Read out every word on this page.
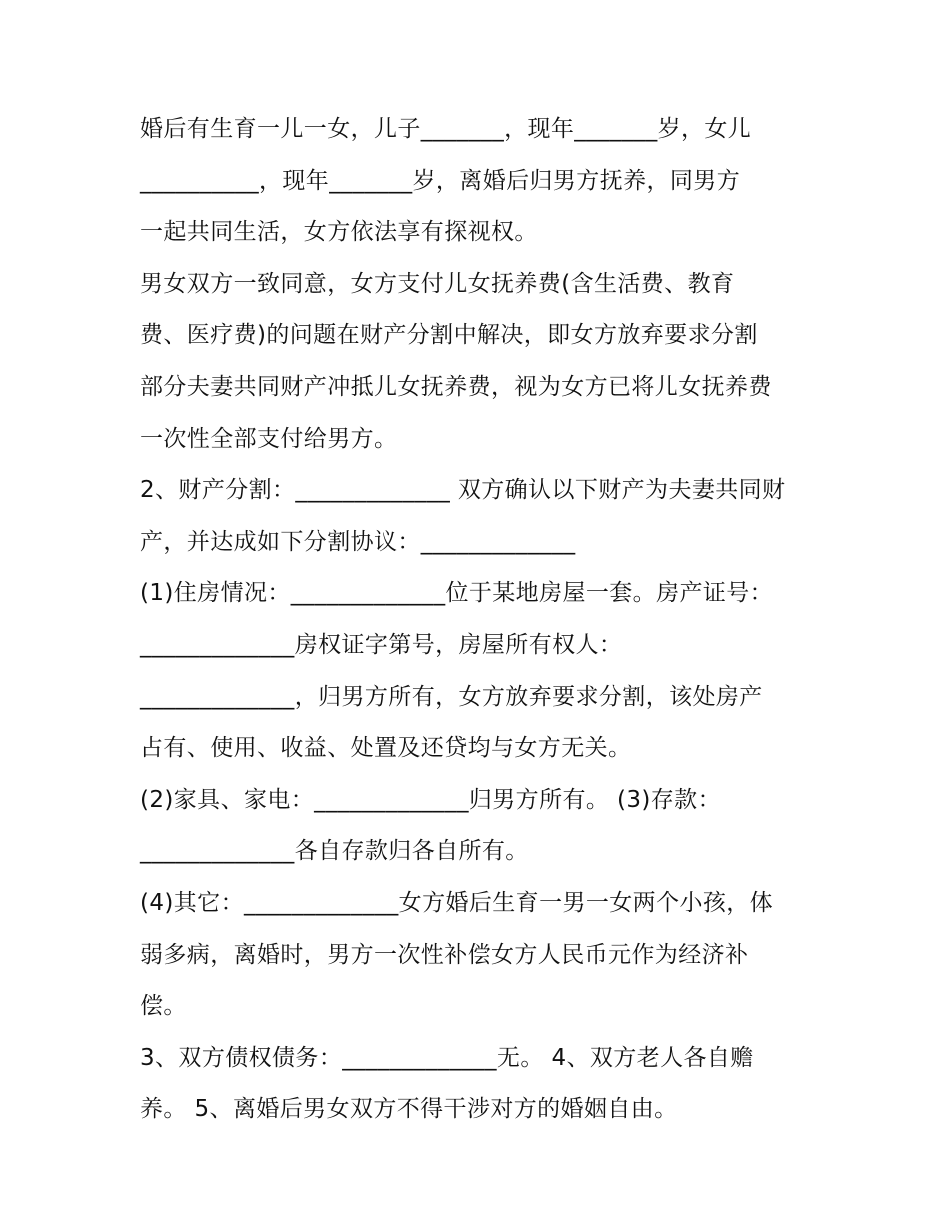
婚后有生育一儿一女，儿子_______，现年_______岁，女儿
__________，现年_______岁，离婚后归男方抚养，同男方
一起共同生活，女方依法享有探视权。
男女双方一致同意，女方支付儿女抚养费(含生活费、教育
费、医疗费)的问题在财产分割中解决，即女方放弃要求分割
部分夫妻共同财产冲抵儿女抚养费，视为女方已将儿女抚养费
一次性全部支付给男方。
2、财产分割：_____________ 双方确认以下财产为夫妻共同财
产，并达成如下分割协议：_____________
(1)住房情况：_____________位于某地房屋一套。房产证号：
_____________房权证字第号，房屋所有权人：
_____________，归男方所有，女方放弃要求分割，该处房产
占有、使用、收益、处置及还贷均与女方无关。
(2)家具、家电：_____________归男方所有。 (3)存款：
_____________各自存款归各自所有。
(4)其它：_____________女方婚后生育一男一女两个小孩，体
弱多病，离婚时，男方一次性补偿女方人民币元作为经济补
偿。
3、双方债权债务：_____________无。 4、双方老人各自赡
养。 5、离婚后男女双方不得干涉对方的婚姻自由。
